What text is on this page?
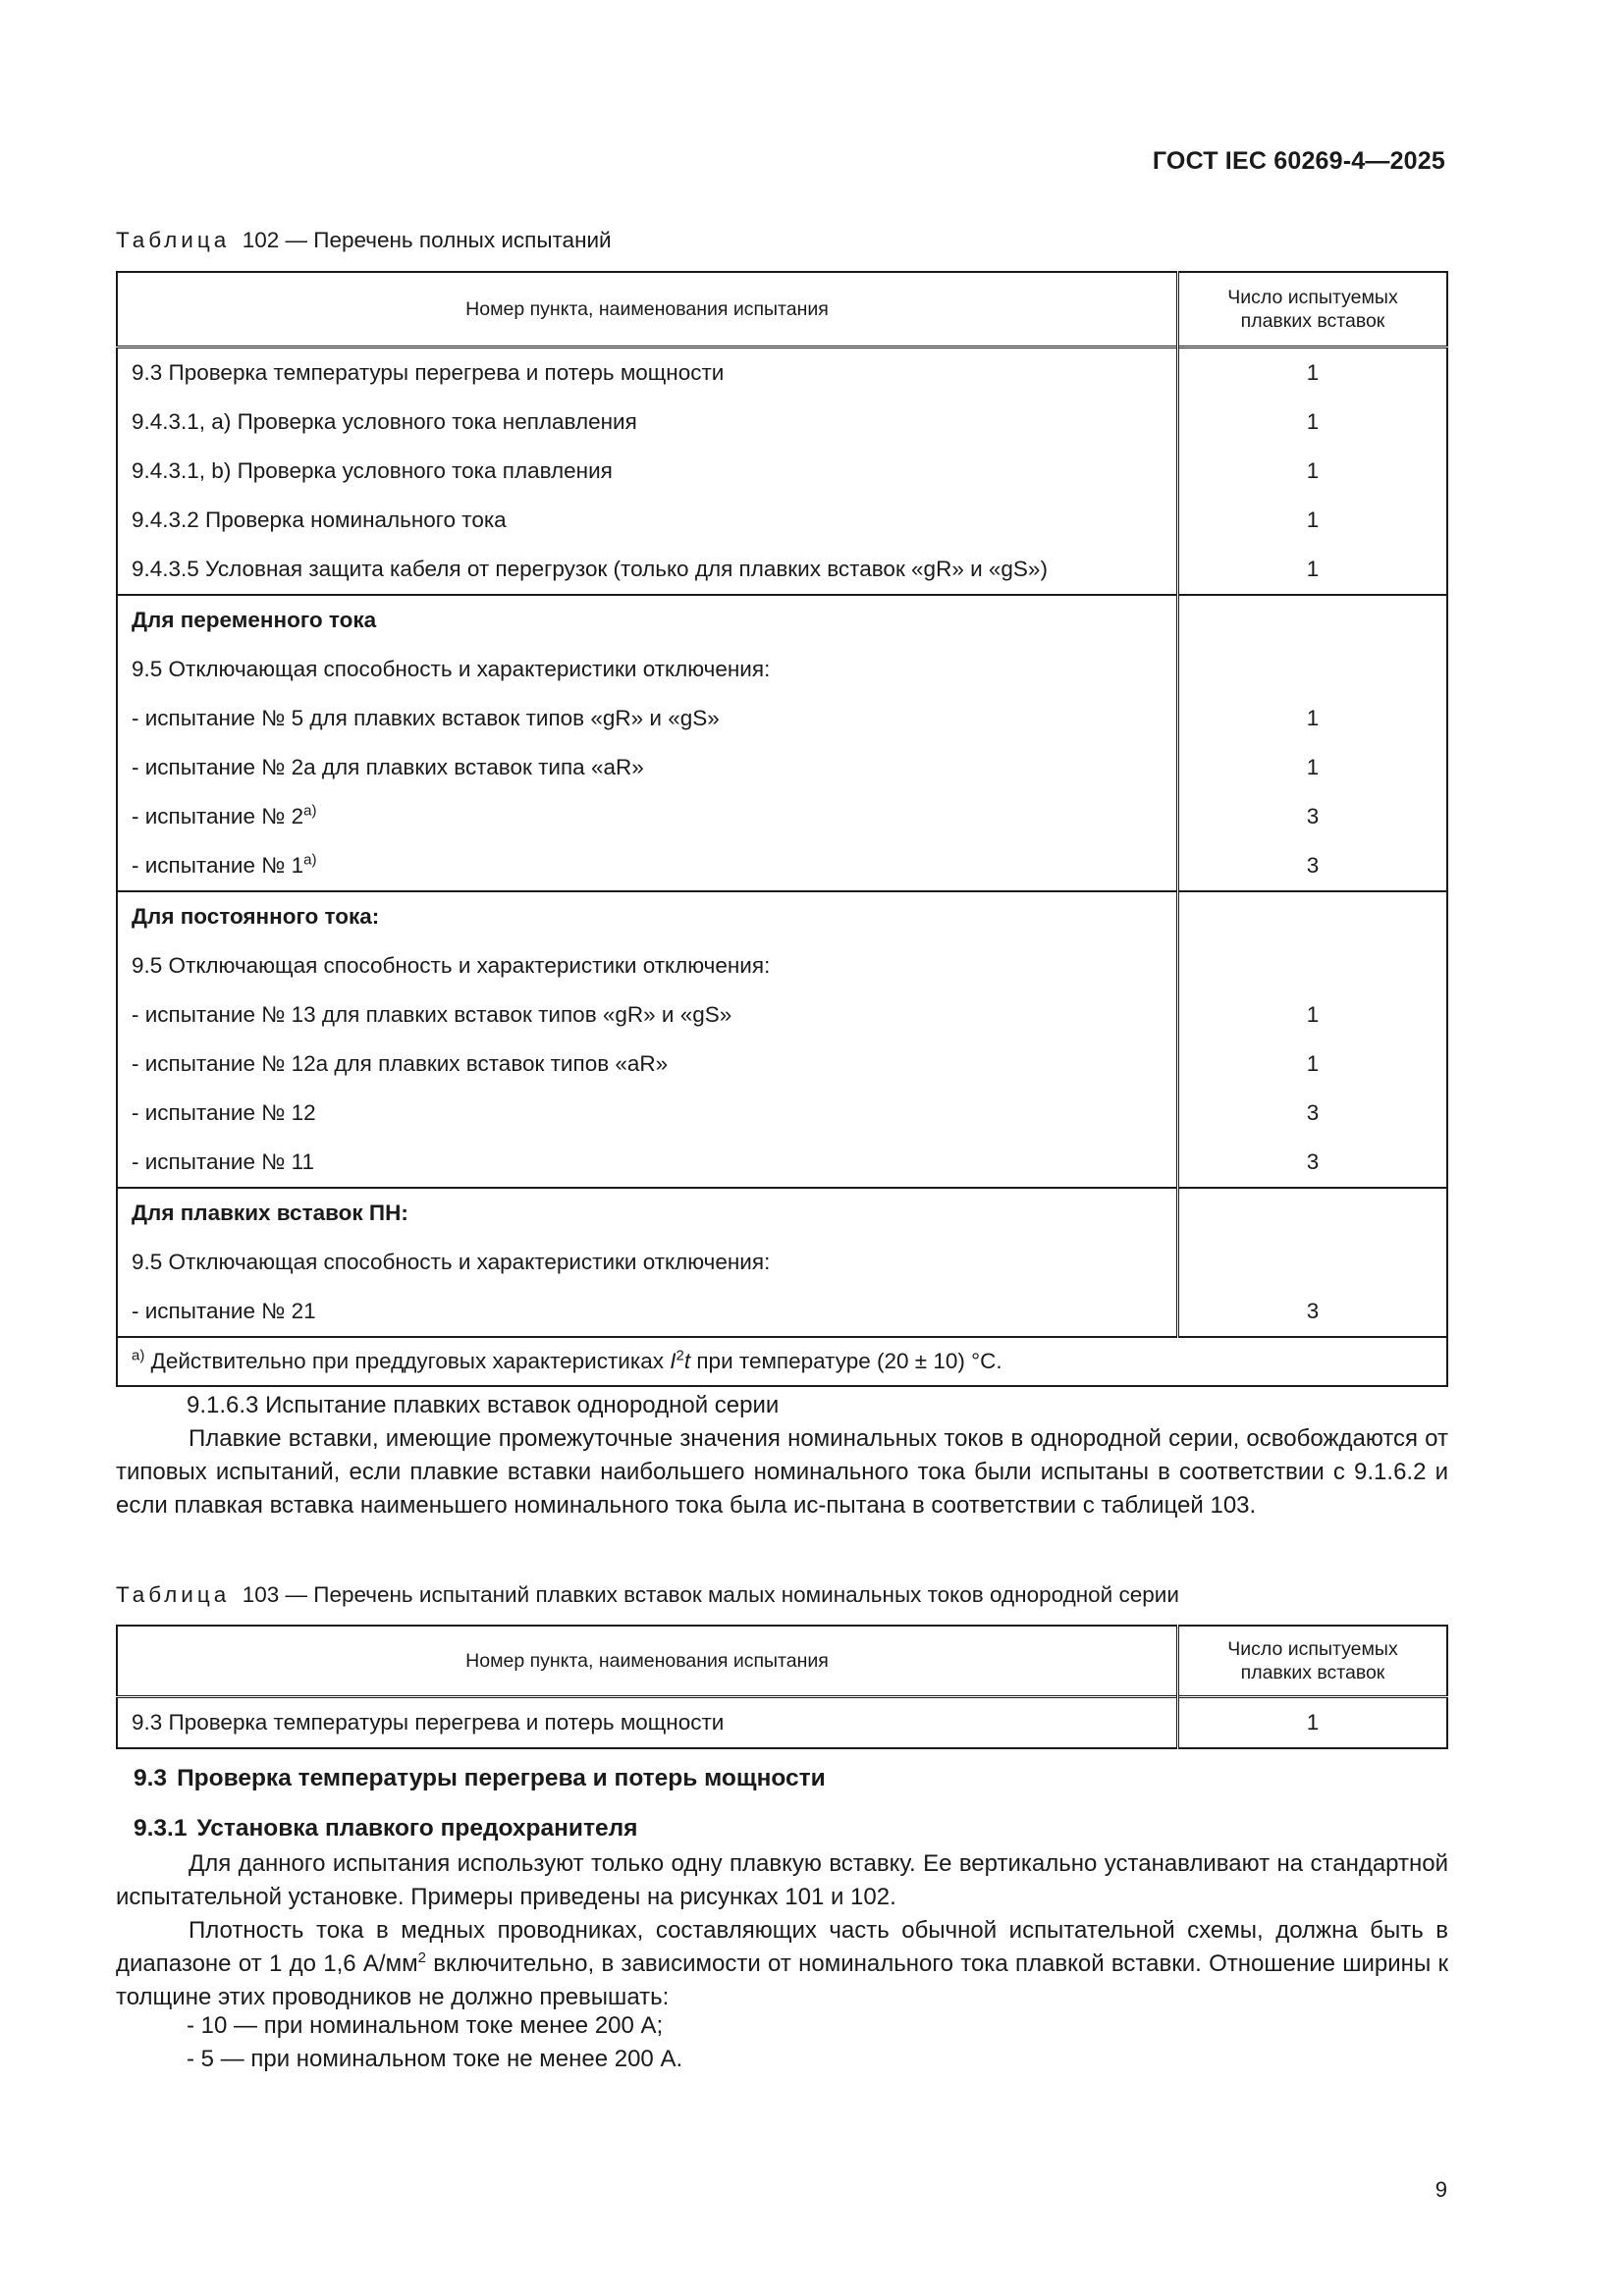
ГОСТ IEC 60269-4—2025
Таблица 102 — Перечень полных испытаний
Номер пункта, наименования испытания	Число испытуемых
плавких вставок

9.3 Проверка температуры перегрева и потерь мощности	1
9.4.3.1, а) Проверка условного тока неплавления	1
9.4.3.1, b) Проверка условного тока плавления	1
9.4.3.2 Проверка номинального тока	1
9.4.3.5 Условная защита кабеля от перегрузок (только для плавких вставок «gR» и «gS»)	1
Для переменного тока	
9.5 Отключающая способность и характеристики отключения:	
- испытание № 5 для плавких вставок типов «gR» и «gS»	1
- испытание № 2а для плавких вставок типа «aR»	1
- испытание № $2^{а)}$	3
- испытание № $1^{а)}$	3
Для постоянного тока:	
9.5 Отключающая способность и характеристики отключения:	
- испытание № 13 для плавких вставок типов «gR» и «gS»	1
- испытание № 12а для плавких вставок типов «aR»	1
- испытание № 12	3
- испытание № 11	3
Для плавких вставок ПН:	
9.5 Отключающая способность и характеристики отключения:	
- испытание № 21	3
$^{а)}$ Действительно при преддуговых характеристиках $I^2t$ при температуре (20 ± 10) °С.	

9.1.6.3 Испытание плавких вставок однородной серии

Плавкие вставки, имеющие промежуточные значения номинальных токов в однородной серии, освобождаются от типовых испытаний, если плавкие вставки наибольшего номинального тока были испытаны в соответствии с 9.1.6.2 и если плавкая вставка наименьшего номинального тока была ис-пытана в соответствии с таблицей 103.

Таблица 103 — Перечень испытаний плавких вставок малых номинальных токов однородной серии
Номер пункта, наименования испытания	Число испытуемых
плавких вставок

9.3 Проверка температуры перегрева и потерь мощности	1
9.3 Проверка температуры перегрева и потерь мощности
9.3.1 Установка плавкого предохранителя

Для данного испытания используют только одну плавкую вставку. Ее вертикально устанавливают на стандартной испытательной установке. Примеры приведены на рисунках 101 и 102.

Плотность тока в медных проводниках, составляющих часть обычной испытательной схемы, должна быть в диапазоне от 1 до 1,6 $А/мм^2$ включительно, в зависимости от номинального тока плавкой вставки. Отношение ширины к толщине этих проводников не должно превышать:

- 10 — при номинальном токе менее 200 А;
- 5 — при номинальном токе не менее 200 А.
9
